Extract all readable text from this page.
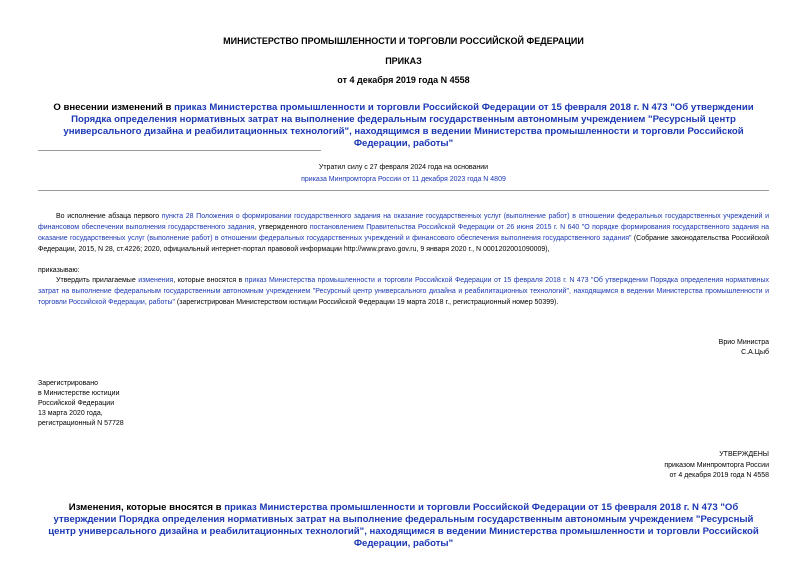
МИНИСТЕРСТВО ПРОМЫШЛЕННОСТИ И ТОРГОВЛИ РОССИЙСКОЙ ФЕДЕРАЦИИ
ПРИКАЗ
от 4 декабря 2019 года N 4558
О внесении изменений в приказ Министерства промышленности и торговли Российской Федерации от 15 февраля 2018 г. N 473 "Об утверждении Порядка определения нормативных затрат на выполнение федеральным государственным автономным учреждением "Ресурсный центр универсального дизайна и реабилитационных технологий", находящимся в ведении Министерства промышленности и торговли Российской Федерации, работы"
Утратил силу с 27 февраля 2024 года на основании
приказа Минпромторга России от 11 декабря 2023 года N 4809
Во исполнение абзаца первого пункта 28 Положения о формировании государственного задания на оказание государственных услуг (выполнение работ) в отношении федеральных государственных учреждений и финансовом обеспечении выполнения государственного задания, утвержденного постановлением Правительства Российской Федерации от 26 июня 2015 г. N 640 "О порядке формирования государственного задания на оказание государственных услуг (выполнение работ) в отношении федеральных государственных учреждений и финансового обеспечения выполнения государственного задания" (Собрание законодательства Российской Федерации, 2015, N 28, ст.4226; 2020, официальный интернет-портал правовой информации http://www.pravo.gov.ru, 9 января 2020 г., N 0001202001090009),
приказываю:
Утвердить прилагаемые изменения, которые вносятся в приказ Министерства промышленности и торговли Российской Федерации от 15 февраля 2018 г. N 473 "Об утверждении Порядка определения нормативных затрат на выполнение федеральным государственным автономным учреждением "Ресурсный центр универсального дизайна и реабилитационных технологий", находящимся в ведении Министерства промышленности и торговли Российской Федерации, работы" (зарегистрирован Министерством юстиции Российской Федерации 19 марта 2018 г., регистрационный номер 50399).
Врио Министра
С.А.Цыб
Зарегистрировано
в Министерстве юстиции
Российской Федерации
13 марта 2020 года,
регистрационный N 57728
УТВЕРЖДЕНЫ
приказом Минпромторга России
от 4 декабря 2019 года N 4558
Изменения, которые вносятся в приказ Министерства промышленности и торговли Российской Федерации от 15 февраля 2018 г. N 473 "Об утверждении Порядка определения нормативных затрат на выполнение федеральным государственным автономным учреждением "Ресурсный центр универсального дизайна и реабилитационных технологий", находящимся в ведении Министерства промышленности и торговли Российской Федерации, работы"
